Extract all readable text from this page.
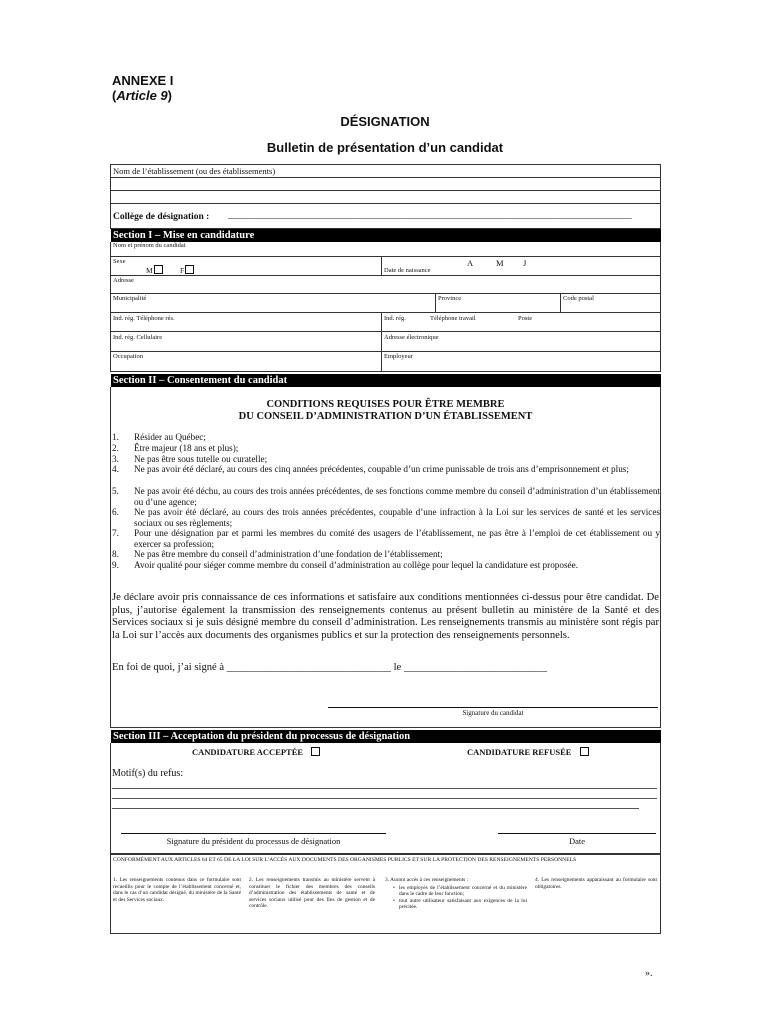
ANNEXE I
(Article 9)
DÉSIGNATION
Bulletin de présentation d’un candidat
Nom de l’établissement (ou des établissements)
Collège de désignation : _____________________________________________________________________________________
Section I – Mise en candidature
Nom et prénom du candidat
Sexe
M	F	Date de naissance
A	M J
Adresse
Municipalité	Province	Code postal
Ind. rég. Téléphone rés.	Ind. rég.	Téléphone travail	Poste
Ind. rég. Cellulaire	Adresse électronique
Occupation	Employeur
Section II – Consentement du candidat
CONDITIONS REQUISES POUR ÊTRE MEMBRE
DU CONSEIL D’ADMINISTRATION D’UN ÉTABLISSEMENT
1. Résider au Québec;
2. Être majeur (18 ans et plus);
3. Ne pas être sous tutelle ou curatelle;
4. Ne pas avoir été déclaré, au cours des cinq années précédentes, coupable d’un crime punissable de trois ans d’emprisonnement et plus;
5. Ne pas avoir été déchu, au cours des trois années précédentes, de ses fonctions comme membre du conseil d’administration d’un établissement ou d’une agence;
6. Ne pas avoir été déclaré, au cours des trois années précédentes, coupable d’une infraction à la Loi sur les services de santé et les services sociaux ou ses règlements;
7. Pour une désignation par et parmi les membres du comité des usagers de l’établissement, ne pas être à l’emploi de cet établissement ou y exercer sa profession;
8. Ne pas être membre du conseil d’administration d’une fondation de l’établissement;
9. Avoir qualité pour siéger comme membre du conseil d’administration au collège pour lequel la candidature est proposée.
Je déclare avoir pris connaissance de ces informations et satisfaire aux conditions mentionnées ci-dessus pour être candidat. De plus, j’autorise également la transmission des renseignements contenus au présent bulletin au ministère de la Santé et des Services sociaux si je suis désigné membre du conseil d’administration. Les renseignements transmis au ministère sont régis par la Loi sur l’accès aux documents des organismes publics et sur la protection des renseignements personnels.
En foi de quoi, j’ai signé à _______________________________ le ___________________________
Signature du candidat
Section III – Acceptation du président du processus de désignation
CANDIDATURE ACCEPTÉE	CANDIDATURE REFUSÉE
Motif(s) du refus:
Signature du président du processus de désignation	Date
CONFORMÉMENT AUX ARTICLES 64 ET 65 DE LA LOI SUR L’ACCÈS AUX DOCUMENTS DES ORGANISMES PUBLICS ET SUR LA PROTECTION DES RENSEIGNEMENTS PERSONNELS
1. Les renseignements contenus dans ce formulaire sont recueillis pour le compte de l’établissement concerné et, dans le cas d’un candidat désigné, du ministère de la Santé et des Services sociaux.
2. Les renseignements transmis au ministère servent à constituer le fichier des membres des conseils d’administration des établissements de santé et de services sociaux utilisé pour des fins de gestion et de contrôle.
3. Auront accès à ces renseignements :
• les employés de l’établissement concerné et du ministère dans le cadre de leur fonction;
• tout autre utilisateur satisfaisant aux exigences de la loi précitée.
4. Les renseignements apparaissant au formulaire sont obligatoires.
».
